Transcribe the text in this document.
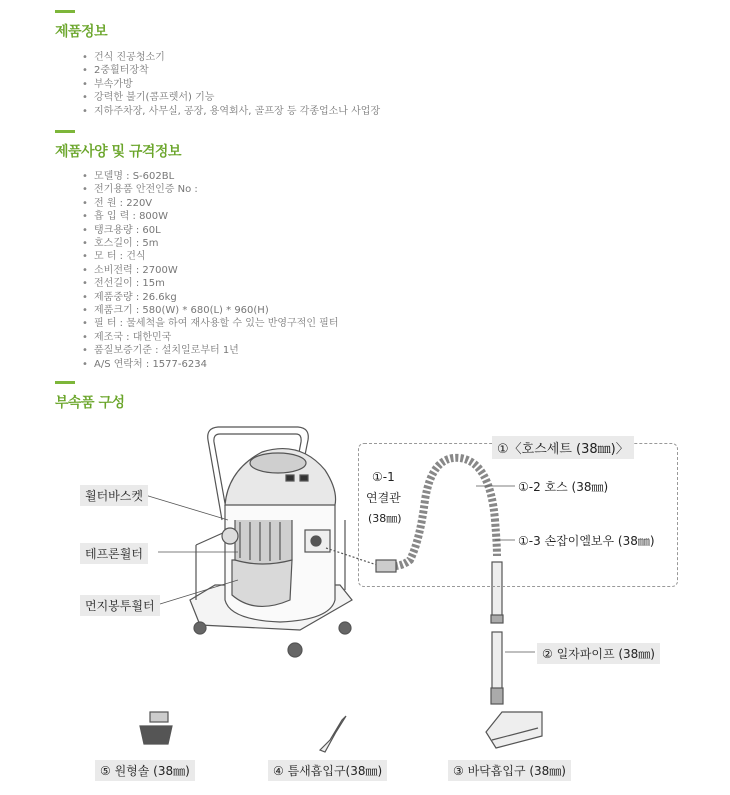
제품정보
• 건식 진공청소기
• 2중휠터장착
• 부속가방
• 강력한 불기(콤프렛서) 기능
• 지하주차장, 사무실, 공장, 용역회사, 골프장 등 각종업소나 사업장
제품사양 및 규격정보
• 모델명 : S-602BL
• 전기용품 안전인증 No :
• 전 원 : 220V
• 흡 입 력 : 800W
• 탱크용량 : 60L
• 호스길이 : 5m
• 모 터 : 건식
• 소비전력 : 2700W
• 전선길이 : 15m
• 제품중량 : 26.6kg
• 제품크기 : 580(W) * 680(L) * 960(H)
• 필 터 : 물세척을 하여 재사용할 수 있는 반영구적인 필터
• 제조국 : 대한민국
• 품질보증기준 : 설치일로부터 1년
• A/S 연락처 : 1577-6234
부속품 구성
①〈호스세트 (38㎜)〉
①-1
연결관
(38㎜)
①-2 호스 (38㎜)
①-3 손잡이엘보우 (38㎜)
휠터바스켓
테프론휠터
먼지봉투휠터
② 일자파이프 (38㎜)
⑤ 원형솔 (38㎜)	④ 틈새흡입구(38㎜)	③ 바닥흡입구 (38㎜)
